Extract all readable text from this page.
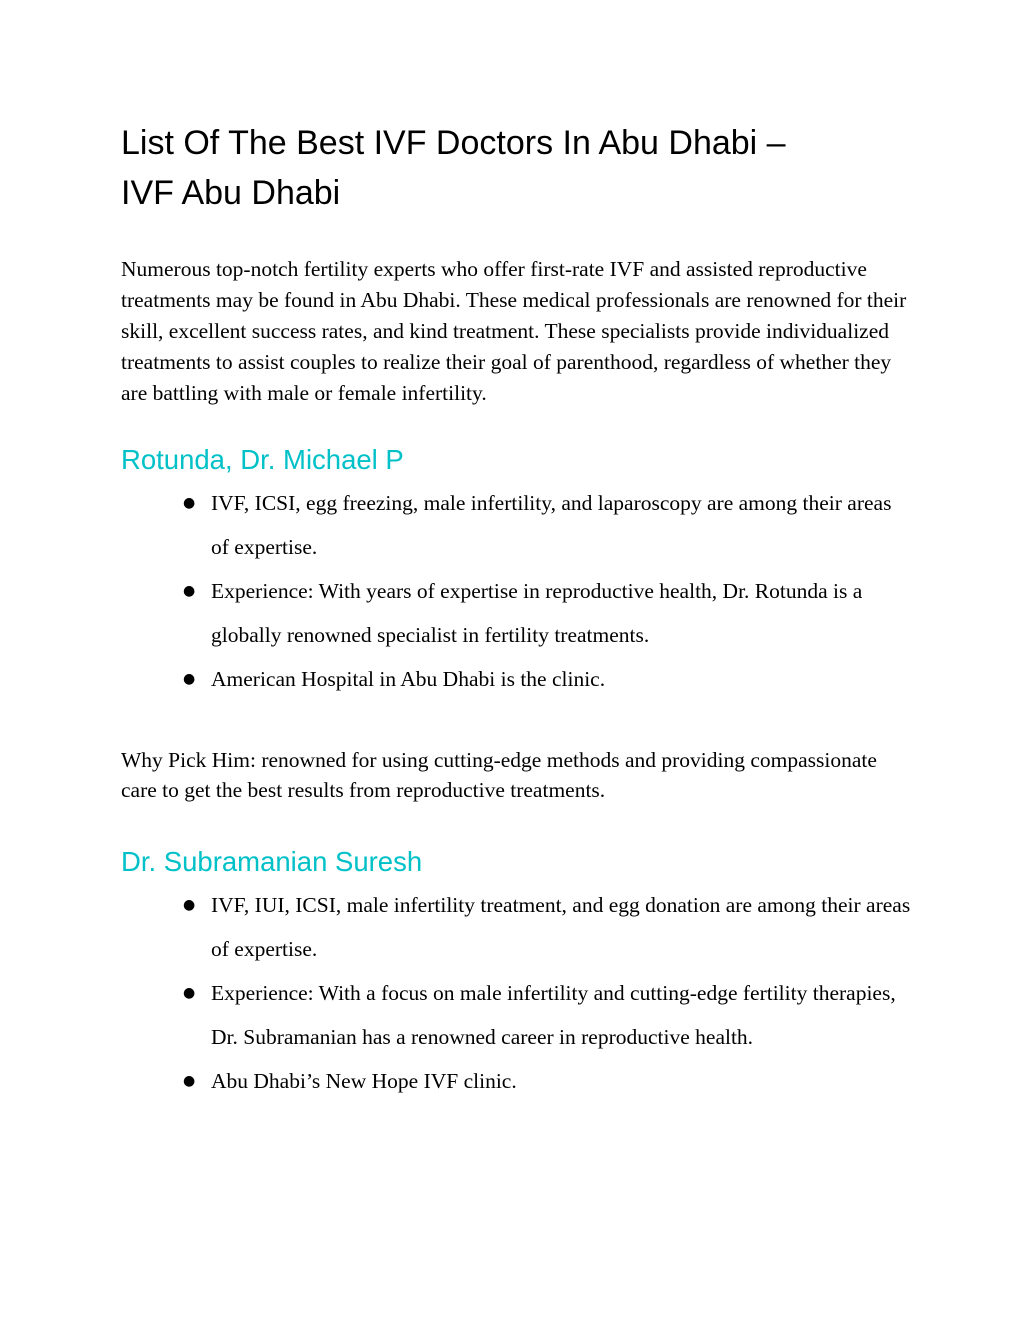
List Of The Best IVF Doctors In Abu Dhabi –
IVF Abu Dhabi

Numerous top-notch fertility experts who offer first-rate IVF and assisted reproductive treatments may be found in Abu Dhabi. These medical professionals are renowned for their skill, excellent success rates, and kind treatment. These specialists provide individualized treatments to assist couples to realize their goal of parenthood, regardless of whether they are battling with male or female infertility.

Rotunda, Dr. Michael P
● IVF, ICSI, egg freezing, male infertility, and laparoscopy are among their areas of expertise.
● Experience: With years of expertise in reproductive health, Dr. Rotunda is a globally renowned specialist in fertility treatments.
● American Hospital in Abu Dhabi is the clinic.

Why Pick Him: renowned for using cutting-edge methods and providing compassionate care to get the best results from reproductive treatments.

Dr. Subramanian Suresh
● IVF, IUI, ICSI, male infertility treatment, and egg donation are among their areas of expertise.
● Experience: With a focus on male infertility and cutting-edge fertility therapies, Dr. Subramanian has a renowned career in reproductive health.
● Abu Dhabi’s New Hope IVF clinic.
